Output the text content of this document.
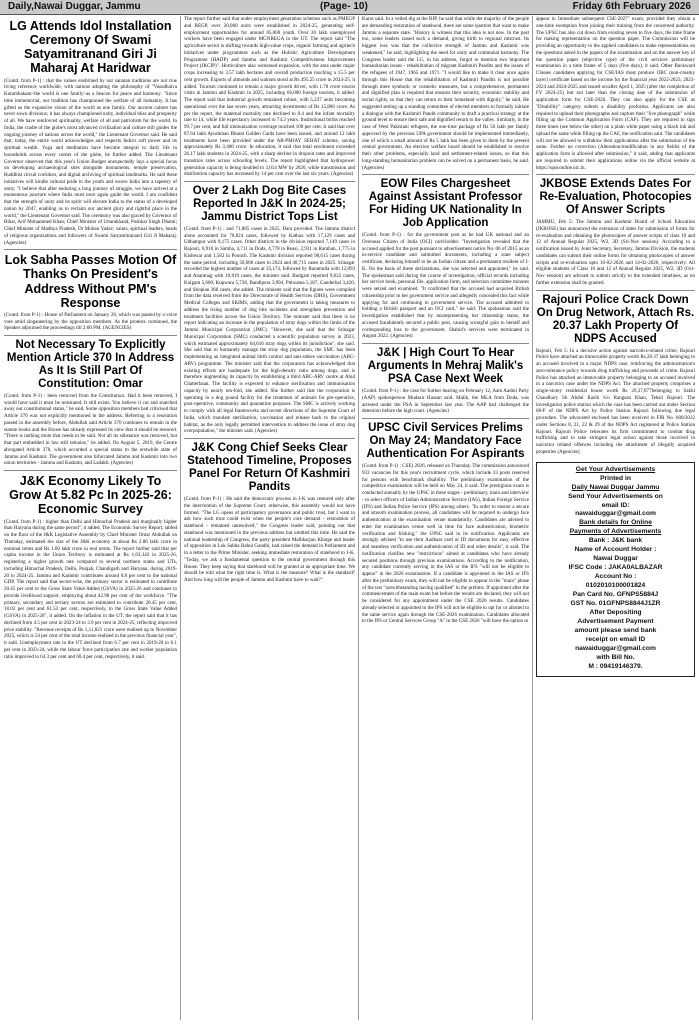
Daily,Nawai Duggar, Jammu	(Page- 10)	Friday 6th February 2026
LG Attends Idol Installation Ceremony Of Swami Satyamitranand Giri Ji Maharaj At Haridwar

(Contd. from P-1) : that the values enshrined by our sanatan traditions are our true living reference worldwide, with nations adopting the philosophy of "Vasudhaiva Kutumbakam-'the world is one family'-as a beacon for peace and harmony. "Since time immemorial, our tradition has championed the welfare of all humanity. It has gifted us the expansive vision of the world as one family. Our ancient culture has never sown divisions; it has always championed unity, individual bliss and prosperity of all. We have reinforced spirituality, welfare of all and patriotism for the world. In India, the cradle of the globe's most advanced civilization and culture still guides the ongoing journey of nations across the world," the Lieutenant Governor said. He said that, today, the entire world acknowledges and respects India's soft power and its spiritual wealth. Yoga and meditation have become integral to daily life in households across every corner of the globe, he further added. The Lieutenant Governor observed that this year's Union Budget unexpectedly lays a special focus on developing archaeological sites alongside monuments, temple preservation, Buddhist circuit corridors, and digital archiving of spiritual landmarks. He said these initiatives will kindle cultural pride in the youth and weave India into a tapestry of unity. "I believe that after enduring a long journey of struggle, we have arrived at a momentous juncture where India must once again guide the world. I am confident that the strength of unity and its spirit will elevate India to the status of a developed nation by 2047, enabling us to reclaim our ancient glory and rightful place in the world," the Lieutenant Governor said. The ceremony was also graced by Governor of Bihar, Arif Mohammed Khan; Chief Minister of Uttarakhand, Pushkar Singh Dhami; Chief Minister of Madhya Pradesh, Dr Mohan Yadav; saints, spiritual leaders, heads of religious organizations and followers of Swami Satyamitranand Giri Ji Maharaj. (Agencies)

Lok Sabha Passes Motion Of Thanks On President's Address Without PM's Response

(Contd. from P-1) : House of Parliament on January 28, which was passed by a voice vote amid sloganeering by the opposition members. As the protests continued, the Speaker adjourned the proceedings till 2:00 PM. (AGENCIES)

Not Necessary To Explicitly Mention Article 370 In Address As It Is Still Part Of Constitution: Omar

(Contd. from P-1) : been removed from the Constitution. Had it been removed, I would have said it must be reinstated. It still exists. You believe it cut and snatched away our constitutional status," he said. Some opposition members had criticised that Article 370 was not explicitly mentioned in the address. Referring to a resolution passed in the assembly before, Abdullah said Article 370 continues to remain in the statute books and the House has already expressed its view that it should be restored. "There is nothing more that needs to be said. Not all its substance was removed, but that part embedded in law still remains," he added. On August 5, 2019, the Centre abrogated Article 370, which accorded a special status to the erstwhile state of Jammu and Kashmir. The government also bifurcated Jammu and Kashmir into two union territories - Jammu and Kashmir, and Ladakh. (Agencies)

J&K Economy Likely To Grow At 5.82 Pc In 2025-26: Economic Survey

(Contd. from P-1) : higher than Delhi and Himachal Pradesh and marginally higher than Haryana during the same period", it added. The Economic Survey Report, tabled on the floor of the J&K Legislative Assembly by Chief Minister Omar Abdullah on Thursday, estimated the size of the J&K economy at about Rs 2.86 lakh crore in nominal terms and Rs 1.60 lakh crore in real terms. The report further said that per capita income in the Union Territory is estimated at Rs 1,63,342 in 2025-26, registering a higher growth rate compared to several northern states and UTs, including Himachal Pradesh, Delhi, Punjab, Chandigarh and Haryana, during 2019-20 to 2024-25. Jammu and Kashmir contributes around 0.8 per cent to the national GDP. The report said that sector-wise, the primary sector is estimated to contribute 20.45 per cent to the Gross State Value Added (GSVA) in 2025-26 and continues to provide livelihood support, employing about 42.98 per cent of the workforce. "The primary, secondary and tertiary sectors are estimated to contribute 20.45 per cent, 18.02 per cent and 61.53 per cent, respectively, to the Gross State Value Added (GSVA) in 2025-26", it added. On the inflation in the UT, the report said that it has declined from 4.5 per cent in 2023-24 to 3.9 per cent in 2024-25, reflecting improved price stability. "Revenue receipts of Rs 1,11,821 crore were realised up to November 2025, which is 54 per cent of the total income realised in the previous financial year", it said. Unemployment rate in the UT declined from 6.7 per cent in 2019-20 to 6.1 per cent in 2023-24, while the labour force participation rate and worker population ratio improved to 64.3 per cent and 60.4 per cent, respectively, it said.

The report further said that under employment generation schemes such as PMEGP and REGP, over 20,000 units were established in 2024-25, generating self-employment opportunities for around 85,000 youth. Over 20 lakh unemployed workers have been engaged under MGNREGA in the UT. The report said "The agriculture sector is shifting towards high-value crops, organic farming and agritech initiatives under programmes such as the Holistic Agriculture Development Programme (HADP) and Jammu and Kashmir Competitiveness Improvement Project (JKCIP)". Horticulture also witnessed expansion, with the area under major crops increasing to 3.57 lakh hectares and overall production touching a 15.5 per cent growth. Exports of almonds and walnuts stood at Rs 495.25 crore in 2024-25, it added. Tourism continued to remain a major growth driver, with 1.78 crore tourist visits in Jammu and Kashmir in 2025, including 66,000 foreign tourists, it added. The report said that industrial growth remained robust, with 5,237 units becoming operational over the last seven years, attracting investments of Rs 15,800 crore. As per the report, the maternal mortality rate declined to 8.4 and the infant mortality rate to 14, while life expectancy increased to 74.3 years. Institutional births reached 99.7 per cent, and full immunisation coverage touched 100 per cent. It said that over 87.64 lakh Ayushman Bharat Golden Cards have been issued, and around 12 lakh treatments have been provided under the AB-PMJAY SEHAT scheme, saving approximately Rs 3,400 crore. In education, it said that total enrolment exceeded 26.17 lakh students in 2024-25, with a sharp decline in dropout rates and improved transition rates across schooling levels. The report highlighted that hydropower generation capacity is being doubled to 3,014 MW by 2026, while transmission and distribution capacity has increased by 14 per cent over the last six years. (Agencies)

Over 2 Lakh Dog Bite Cases Reported In J&K In 2024-25; Jammu District Tops List

(Contd. from P-1) : and 71,885 cases in 2025, Dara provided. The Jammu district alone accounted for 78,824 cases, followed by Kathua with 17,129 cases and Udhampur with 8,175 cases. Other districts in the division reported 7,149 cases in Rajouri, 6,910 in Samba, 4,711 in Doda, 4,778 in Reasi, 2,931 in Ramban, 1,775 in Kishtwar and 1,582 in Poonch. The Kashmir division reported 98,615 cases during the same period, including 58,000 cases in 2024 and 40,715 cases in 2025. Srinagar recorded the highest number of cases at 35,174, followed by Baramulla with 12,893 and Anantnag with 10,819 cases, the minister said. Budgam reported 9,622 cases, Kulgam 5,600, Kupwara 5,738, Bandipora 3,994, Pulwama 5,187, Ganderbal 3,420, and Shopian 360 cases, she added. The minister said that the figures were compiled from the data received from the Directorate of Health Services (DHS), Government Medical Colleges and SKIMS, adding that the government is taking measures to address the rising number of dog bite incidents and strengthen prevention and treatment facilities across the Union Territory. The minister said that there is no report indicating an increase in the population of stray dogs within the limits of the Jammu Municipal Corporation (JMC). "However, she said that the Srinagar Municipal Corporation (SMC) conducted a scientific population survey in 2023, which estimated approximately 64,616 stray dogs within its jurisdiction", she said. She said that to humanely manage the stray dog population, the SMC has been implementing an integrated animal birth control and anti-rabies vaccination (ABC-ARV) programme. The minister said that the corporation has acknowledged that existing efforts are inadequate for the high-density ratio among dogs, and is therefore augmenting its capacity by establishing a third ABC-ARV centre at Abid Chatterbaan. The facility is expected to enhance sterilisation and immunisation capacity by nearly ten-fold, she added. She further said that the corporation is operating in a dog pound facility for the treatment of animals for pre-operative, post-operative, community and quarantine purposes. The SMC is actively working to comply with all legal frameworks and recent directions of the Supreme Court of India, which mandate sterilisation, vaccination and release back to the original habitat, as the only legally permitted intervention to address the issue of stray dog overpopulation," the minister said. (Agencies)

J&K Cong Chief Seeks Clear Statehood Timeline, Proposes Panel For Return Of Kashmiri Pandits

(Contd. from P-1) : He said the democratic process in J-K was restored only after the intervention of the Supreme Court; otherwise, this assembly would not have formed. "The LG opens of participatory governance and public trust, but I want to ask how such trust could exist when the people's core demand - restoration of statehood - remained unresolved," the Congress leader said, pointing out that statehood was mentioned in the previous address but omitted this time. He said the national leadership of Congress, the party president Mallikarjun Kharge and leader of opposition in Lok Sabha Rahul Gandhi, had raised the demand in Parliament and in a letter to the Prime Minister, seeking immediate restoration of statehood to J-K. "Today, we ask a fundamental question to the central government through this House. They keep saying that statehood will be granted at an appropriate time. We should be told what the right time is. What is the measure? What is the standard? And how long will the people of Jammu and Kashmir have to wait?"

Karra said. In a veiled dig at the BJP, he said that while the majority of the people are demanding restoration of statehood, there are some quarters that want to make Jammu a separate state. "History is witness that this idea is not new. In the past too, some leaders raised such a demand, giving birth to regional mistrust. Its biggest loss was that the collective strength of Jammu and Kashmir was weakened," he said, highlighting the need for unity and communal harmony. The Congress leader said the LG, in his address, forgot to mention two important humanitarian issues - rehabilitation of migrant Kashmiri Pandits and the issues of the refugees of 1947, 1965 and 1971. "I would like to make it clear once again through this House that the rehabilitation of Kashmiri Pandits is not possible through mere symbolic or cosmetic measures, but a comprehensive, permanent and dignified plan is required that ensures their security, economic stability and social rights, so that they can return to their homeland with dignity," he said. He suggested setting up a standing committee of elected members to formally initiate a dialogue with the Kashmiri Pandit community to draft a practical strategy at the ground level to ensure their safe and dignified return to the valley. Similarly, in the case of West Pakistani refugees, the one-time package of Rs 50 lakh per family approved by the previous UPA government should be implemented immediately, one of which a small amount of Rs 5 lakh has been given to them by the present central government. An election welfare board should be established to resolve their other problems, especially land and settlement-related issues, so that this long-standing humanitarian problem can be solved on a permanent basis, he said. (Agencies)

EOW Files Chargesheet Against Assistant Professor For Hiding UK Nationality In Job Application

(Contd. from P-1) : for the government post as he had UK national and an Overseas Citizen of India (OCI) card-holder. "Investigation revealed that the accused applied for the post pursuant to advertisement notice No. 06 of 2015 as an in-service candidate and submitted documents, including a state subject certificate, declaring himself to be an Indian citizen and a permanent resident of J-K. On the basis of these declarations, she was selected and appointed," he said. The spokesman said during the course of investigation, official records including her service book, personal file, application form, and selection committee minutes were seized and examined. "It confirmed that the accused had acquired British citizenship prior to her government service and allegedly concealed this fact while applying for and continuing in government service. The accused admitted to holding a British passport and an OCI card," he said. The spokesman said the investigation established that by misrepresenting her citizenship status, the accused fraudulently secured a public post, causing wrongful gain to herself and corresponding loss to the government. Shahid's services were terminated in August 2022. (Agencies)

J&K | High Court To Hear Arguments In Mehraj Malik's PSA Case Next Week

(Contd. from P-1) : the case for further hearing on February 12, Aam Aadmi Party (AAP) spokesperson Mudasir Hassan said. Malik, the MLA from Doda, was arrested under the PSA in September last year. The AAP had challenged the detention before the high court. (Agencies)

UPSC Civil Services Prelims On May 24; Mandatory Face Authentication For Aspirants

(Contd. from P-1) : CSE) 2026, released on Thursday. The commission announced 933 vacancies for this year's recruitment cycle, which include 33 posts reserved for persons with benchmark disability. The preliminary examination of the competitive examination will be held on May 24, it said. The prestigious exam is conducted annually by the UPSC in three stages - preliminary, main and interview - to select officers of Indian Administrative Service (IAS), Indian Foreign Service (IFS) and Indian Police Service (IPS) among others. "In order to ensure a secure and smooth examination process, all candidates will be required to undergo face authentication at the examination venue mandatorily. Candidates are advised to enter the examination venue well in time for face authentication, biometric verification and frisking," the UPSC said in its notification. Applicants are strongly advised "to use their Aadhaar card or ID documents for easy, effective and seamless verification and authentication of ID and other details", it said. The notification clarifies new "restrictions" aimed at candidates who have already secured positions through previous examinations. According to the notification, any candidate currently serving in the IAS or the IFS "will not be eligible to appear" in the 2026 examination. If a candidate is appointed to the IAS or IFS after the preliminary exam, they will not be eligible to appear in the "main" phase of the test "notwithstanding having qualified" in the prelims. If appointed after the commencement of the main exam but before the results are declared, they will not be considered for any appointment under the CSE 2026 results. Candidates already selected or appointed to the IPS will not be eligible to opt for or allotted to the same service again through the CSE-2026 examination. Candidates allocated to the IPS or Central Services Group "A" in the CSE 2026 "will have the option to

appear in Immediate subsequent CSE-2027" exam, provided they obtain a one-time exemption from joining their training from the concerned authority. The UPSC has also cut down from existing seven to five days, the time frame for making representation on the question paper. The Commission will be providing an opportunity to the applied candidates to make representations on the questions asked in the papers of the examination and on the answer key of the question paper (objective type) of the civil services preliminary examination in a time frame of 5 days (five days), it said. Other Backward Classes candidates applying for CSE/IAS must produce OBC (non-creamy layer) certificate based on the income for the financial year 2022-2023, 2023-2024 and 2024-2025 and issued on/after April 1, 2025 (after the completion of FY 2024-25) but not later than the closing date of the submission of application form for CSE-2026. They can also apply for the CSE as "Disability" category submit a disability proforma. Applicants are also required to upload their photographs and capture their "live photograph" while filling up the Common Application Form (CAF). They are required to sign three times (see below the other) on a plain white paper using a black ink and upload the same while filling up the CAF, the notification said. The candidates will not be allowed to withdraw their applications after the submission of the same. Further no correction (Alteration/modification in any fields) of the application form is allowed after submission," it said, adding that applicants are required to submit their applications online via the official website at https://upsconline.nic.in.

JKBOSE Extends Dates For Re-Evaluation, Photocopies Of Answer Scripts

JAMMU, Feb 5: The Jammu and Kashmir Board of School Education (JKBOSE) has announced the extension of dates for submission of forms for re-evaluation and obtaining the photocopies of answer scripts of class 10 and 12 of Annual Regular 2025, W2, 3D (Sri-Nov session). According to a notification issued by Joint Secretary, Secretary, Jammu Division, the students candidates can submit their online forms for obtaining photocopies of answer scripts and re-evaluation upto 10-02-2026 and 14-02-2026, respectively. All eligible students of Class 10 and 12 of Annual Regular 2025, W2, 3D (Oct-Nov session) are advised to submit strictly to the extended timelines, as no further extension shall be granted.

Rajouri Police Crack Down On Drug Network, Attach Rs. 20.37 Lakh Property Of NDPS Accused

Rajouri, Feb 5: In a decisive action against narcotics-related crime, Rajouri Police have attached an immovable property worth Rs.20.37 lakh belonging to an accused involved in a major NDPS case, reinforcing the administration's zero-tolerance policy towards drug trafficking and proceeds of crime. Rajouri Police has attached an immovable property belonging to an accused involved in a narcotics case under the NDPS Act. The attached property comprises a single-storey residential house worth Rs 20,37,877belonging to Sakhi Chaudhary Sh Abdul Razik S/o Rangsan Khan, Tehsil Rajouri. The investigation police station which the case has been carried out under Section 68-F of the NDPS Act by Police Station Rajouri following due legal procedure. The advocated enclosed has been received in FIR No. 600/2022 under Sections 8, 21, 22 & 29 of the NDPS Act registered at Police Station Rajouri. Rajouri Police reiterates its firm commitment to combat drug trafficking and to take stringent legal action against those involved in narcotics related offences including the attachment of illegally acquired properties (Agencies)

Get Your Advertisements
Printed in
Daily Nawai Duggar Jammu
Send Your Advertisements on
email ID:
nawaiduggar@gmail.com
Bank details for Online
Payments of Advertisements
Bank : J&K bank
Name of Account Holder :
Nawai Duggar
IFSC Code : JAKA0ALBAZAR
Account No :
0102010100001824
Pan Card No. GFNPS5884J
GST No. 01GFNPS8844J1ZR
After Depositing
Advertisement Payment
amount please send bank
receipt on email ID
nawaiduggar@gmail.com
with Bill No.
M : 09419146379.
